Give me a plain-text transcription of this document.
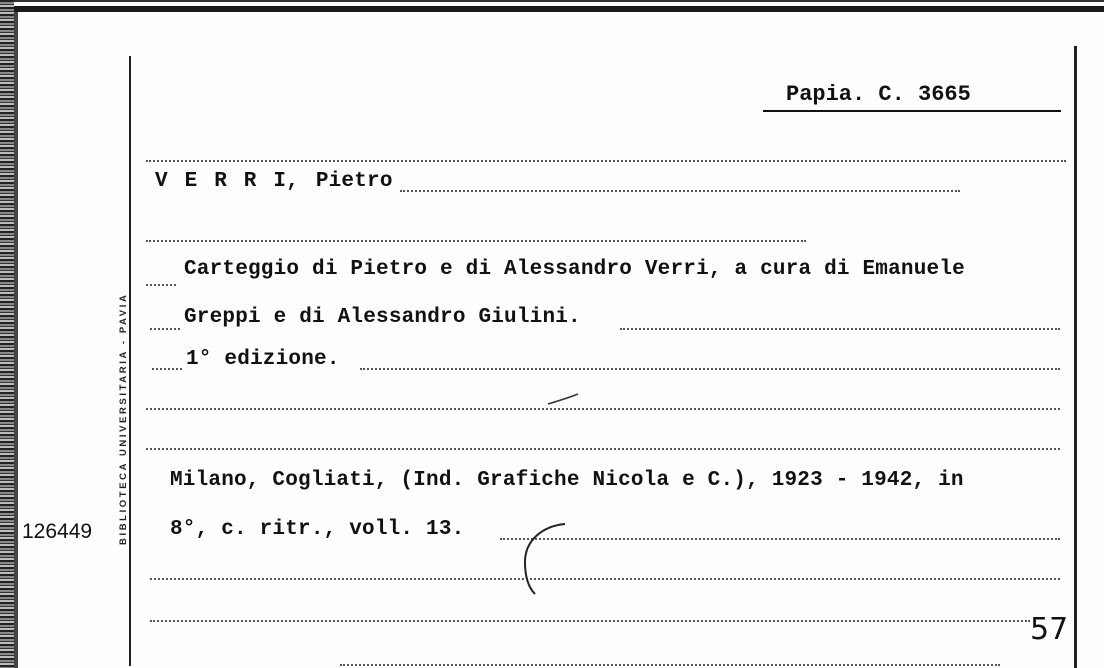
BIBLIOTECA UNIVERSITARIA - PAVIA
126449
Papia. C. 3665
V E R R I, Pietro
Carteggio di Pietro e di Alessandro Verri, a cura di Emanuele
Greppi e di Alessandro Giulini.
1° edizione.
Milano, Cogliati, (Ind. Grafiche Nicola e C.), 1923 - 1942, in
8°, c. ritr., voll. 13.
57
